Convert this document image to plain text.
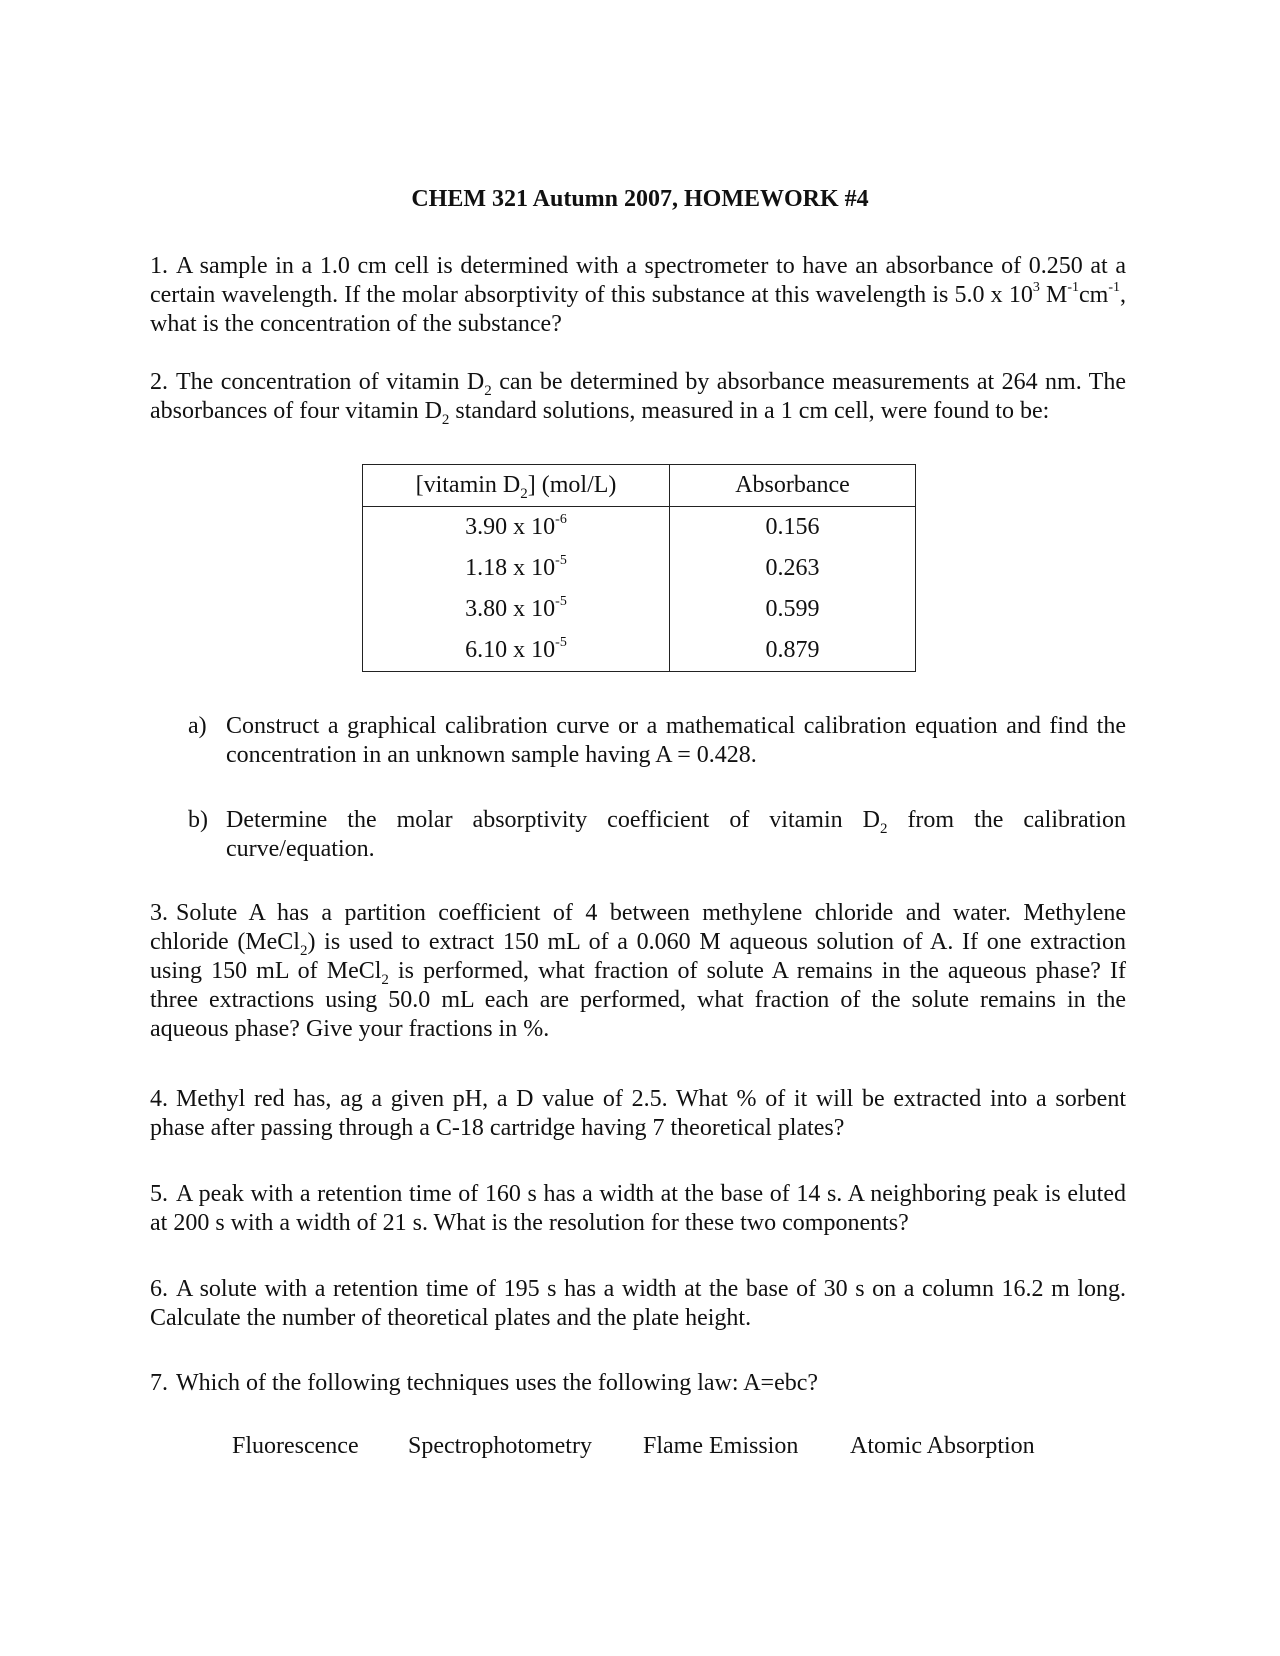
CHEM 321 Autumn 2007, HOMEWORK #4
1. A sample in a 1.0 cm cell is determined with a spectrometer to have an absorbance of 0.250 at a certain wavelength. If the molar absorptivity of this substance at this wavelength is 5.0 x $10^3$ $M^{-1}cm^{-1}$, what is the concentration of the substance?
2. The concentration of vitamin $D_2$ can be determined by absorbance measurements at 264 nm. The absorbances of four vitamin $D_2$ standard solutions, measured in a 1 cm cell, were found to be:
[vitamin $D_2$] (mol/L)	Absorbance
3.90 x $10^{-6}$	0.156
1.18 x $10^{-5}$	0.263
3.80 x $10^{-5}$	0.599
6.10 x $10^{-5}$	0.879
a) Construct a graphical calibration curve or a mathematical calibration equation and find the concentration in an unknown sample having A = 0.428.
b) Determine the molar absorptivity coefficient of vitamin $D_2$ from the calibration curve/equation.
3. Solute A has a partition coefficient of 4 between methylene chloride and water. Methylene chloride (MeCl$_2$) is used to extract 150 mL of a 0.060 M aqueous solution of A. If one extraction using 150 mL of MeCl$_2$ is performed, what fraction of solute A remains in the aqueous phase? If three extractions using 50.0 mL each are performed, what fraction of the solute remains in the aqueous phase? Give your fractions in %.
4. Methyl red has, ag a given pH, a D value of 2.5. What % of it will be extracted into a sorbent phase after passing through a C-18 cartridge having 7 theoretical plates?
5. A peak with a retention time of 160 s has a width at the base of 14 s. A neighboring peak is eluted at 200 s with a width of 21 s. What is the resolution for these two components?
6. A solute with a retention time of 195 s has a width at the base of 30 s on a column 16.2 m long. Calculate the number of theoretical plates and the plate height.
7. Which of the following techniques uses the following law: A=ebc?
Fluorescence Spectrophotometry Flame Emission Atomic Absorption
